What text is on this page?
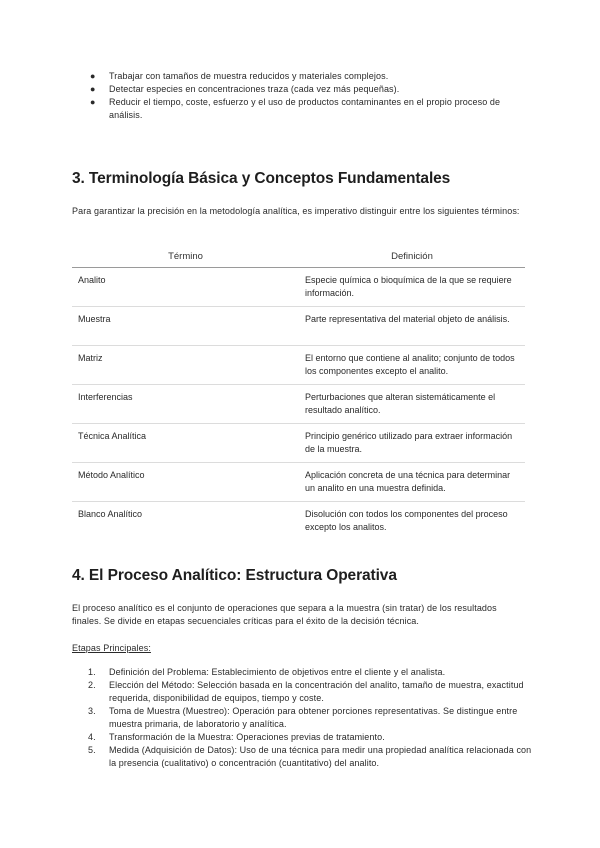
● Trabajar con tamaños de muestra reducidos y materiales complejos.
● Detectar especies en concentraciones traza (cada vez más pequeñas).
● Reducir el tiempo, coste, esfuerzo y el uso de productos contaminantes en el propio proceso de análisis.
3. Terminología Básica y Conceptos Fundamentales

Para garantizar la precisión en la metodología analítica, es imperativo distinguir entre los siguientes términos:

Término	Definición
Analito	Especie química o bioquímica de la que se requiere información.
Muestra	Parte representativa del material objeto de análisis.
Matriz	El entorno que contiene al analito; conjunto de todos los componentes excepto el analito.
Interferencias	Perturbaciones que alteran sistemáticamente el resultado analítico.
Técnica Analítica	Principio genérico utilizado para extraer información de la muestra.
Método Analítico	Aplicación concreta de una técnica para determinar un analito en una muestra definida.
Blanco Analítico	Disolución con todos los componentes del proceso excepto los analitos.
4. El Proceso Analítico: Estructura Operativa

El proceso analítico es el conjunto de operaciones que separa a la muestra (sin tratar) de los resultados finales. Se divide en etapas secuenciales críticas para el éxito de la decisión técnica.

Etapas Principales:
1. Definición del Problema: Establecimiento de objetivos entre el cliente y el analista.
2. Elección del Método: Selección basada en la concentración del analito, tamaño de muestra, exactitud requerida, disponibilidad de equipos, tiempo y coste.
3. Toma de Muestra (Muestreo): Operación para obtener porciones representativas. Se distingue entre muestra primaria, de laboratorio y analítica.
4. Transformación de la Muestra: Operaciones previas de tratamiento.
5. Medida (Adquisición de Datos): Uso de una técnica para medir una propiedad analítica relacionada con la presencia (cualitativo) o concentración (cuantitativo) del analito.
